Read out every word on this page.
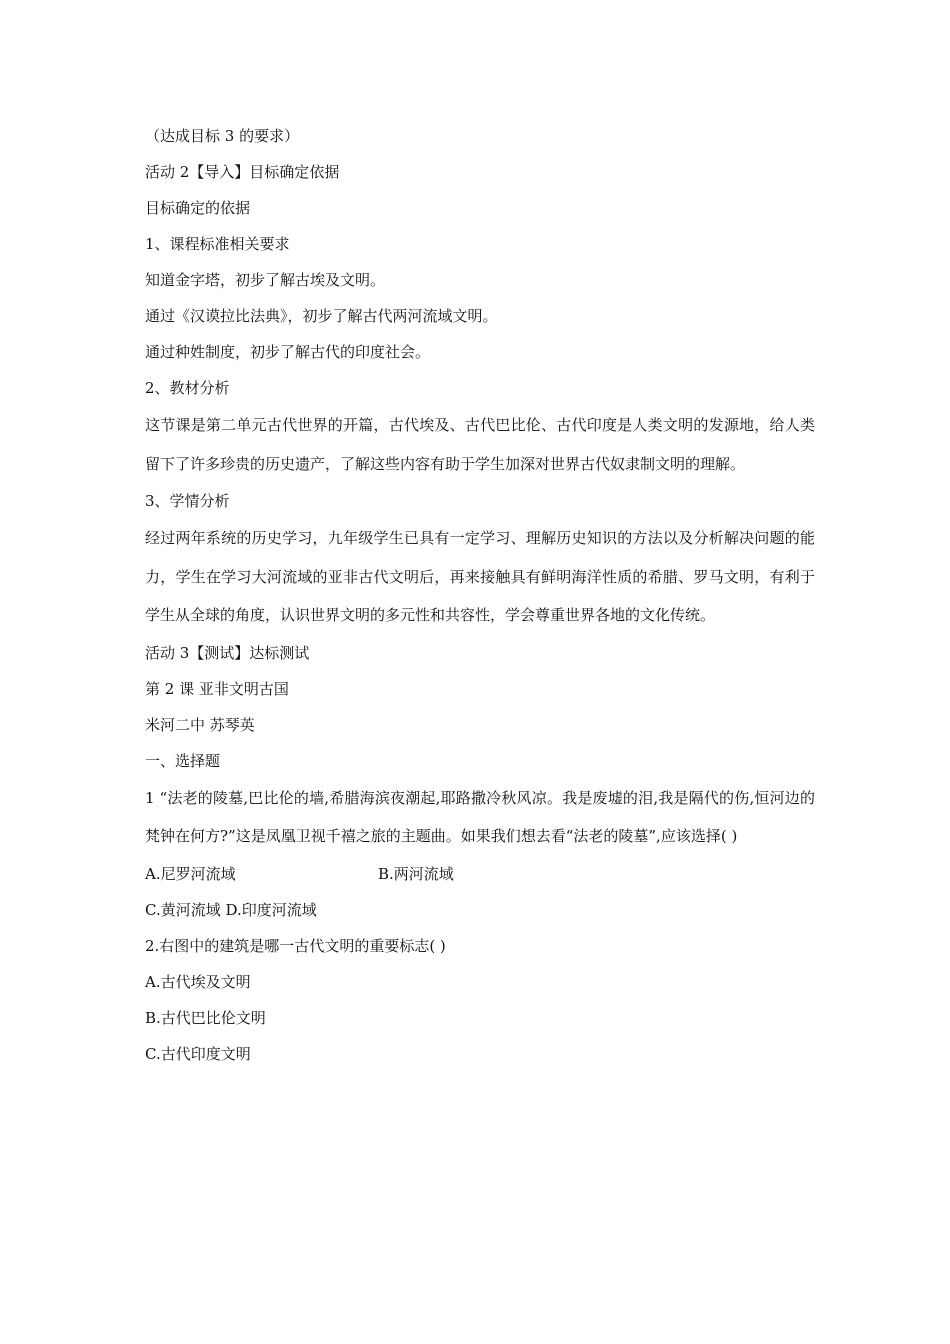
（达成目标 3 的要求）
活动 2【导入】目标确定依据
目标确定的依据
1、课程标准相关要求
知道金字塔，初步了解古埃及文明。
通过《汉谟拉比法典》，初步了解古代两河流域文明。
通过种姓制度，初步了解古代的印度社会。
2、教材分析
这节课是第二单元古代世界的开篇，古代埃及、古代巴比伦、古代印度是人类文明的发源地，给人类留下了许多珍贵的历史遗产，了解这些内容有助于学生加深对世界古代奴隶制文明的理解。
3、学情分析
经过两年系统的历史学习，九年级学生已具有一定学习、理解历史知识的方法以及分析解决问题的能力，学生在学习大河流域的亚非古代文明后，再来接触具有鲜明海洋性质的希腊、罗马文明，有利于学生从全球的角度，认识世界文明的多元性和共容性，学会尊重世界各地的文化传统。
活动 3【测试】达标测试
第 2 课 亚非文明古国
米河二中 苏琴英
一、选择题
1 “法老的陵墓,巴比伦的墙,希腊海滨夜潮起,耶路撒冷秋风凉。我是废墟的泪,我是隔代的伤,恒河边的梵钟在何方?”这是凤凰卫视千禧之旅的主题曲。如果我们想去看“法老的陵墓”,应该选择( )
A.尼罗河流域	B.两河流域
C.黄河流域 D.印度河流域
2.右图中的建筑是哪一古代文明的重要标志( )
A.古代埃及文明
B.古代巴比伦文明
C.古代印度文明
